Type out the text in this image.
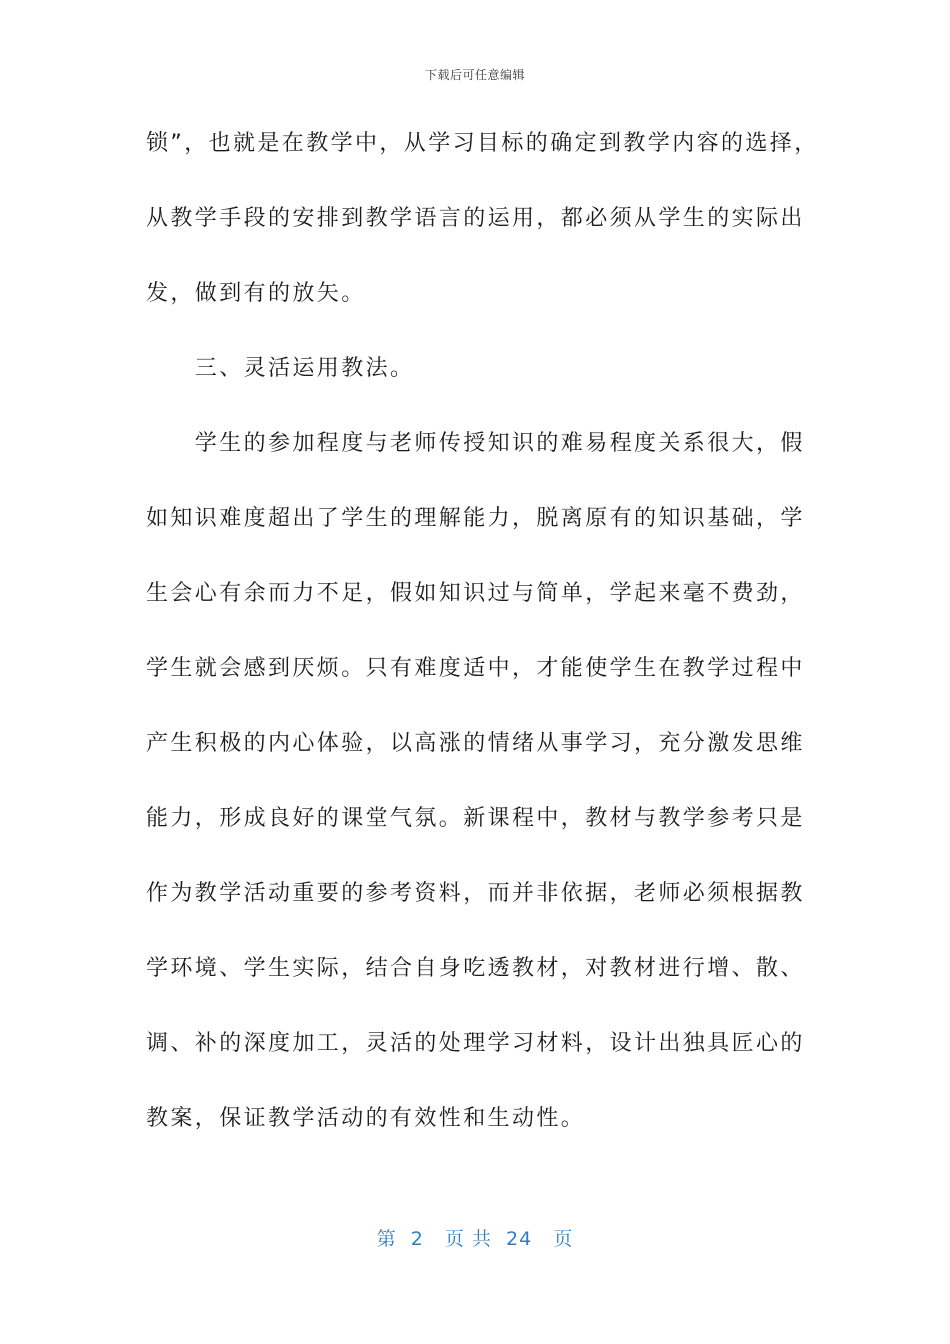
下载后可任意编辑
锁”，也就是在教学中，从学习目标的确定到教学内容的选择，
从教学手段的安排到教学语言的运用，都必须从学生的实际出
发，做到有的放矢。
　　三、灵活运用教法。
　　学生的参加程度与老师传授知识的难易程度关系很大，假
如知识难度超出了学生的理解能力，脱离原有的知识基础，学
生会心有余而力不足，假如知识过与简单，学起来毫不费劲，
学生就会感到厌烦。只有难度适中，才能使学生在教学过程中
产生积极的内心体验，以高涨的情绪从事学习，充分激发思维
能力，形成良好的课堂气氛。新课程中，教材与教学参考只是
作为教学活动重要的参考资料，而并非依据，老师必须根据教
学环境、学生实际，结合自身吃透教材，对教材进行增、散、
调、补的深度加工，灵活的处理学习材料，设计出独具匠心的
教案，保证教学活动的有效性和生动性。
第  2   页 共  24   页
